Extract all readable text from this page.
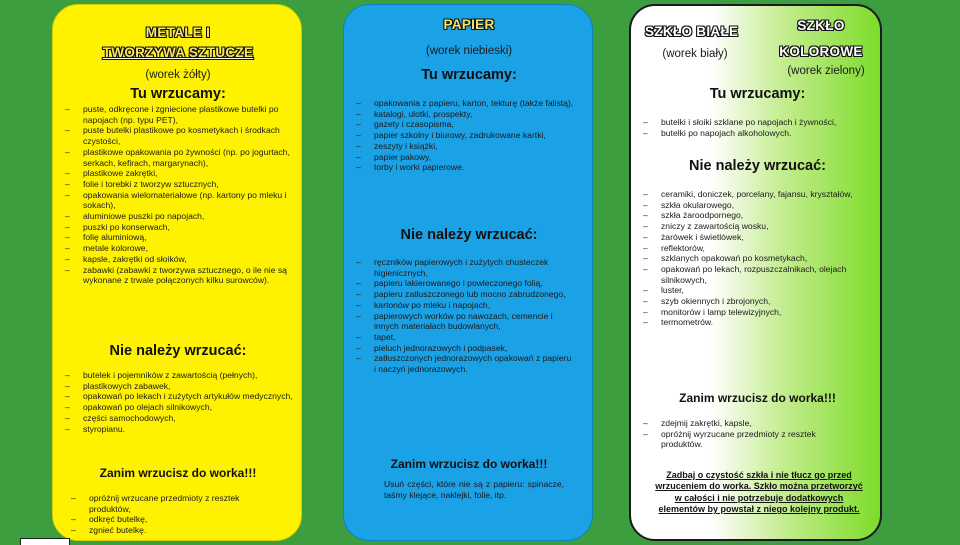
METALE I
TWORZYWA SZTUCZE
(worek żółty)
Tu wrzucamy:
– puste, odkręcone i zgniecione plastikowe butelki po napojach (np. typu PET),
– puste butelki plastikowe po kosmetykach i środkach czystości,
– plastikowe opakowania po żywności (np. po jogurtach, serkach, kefirach, margarynach),
– plastikowe zakrętki,
– folie i torebki z tworzyw sztucznych,
– opakowania wielomateriałowe (np. kartony po mleku i sokach),
– aluminiowe puszki po napojach,
– puszki po konserwach,
– folię aluminiową,
– metale kolorowe,
– kapsle, zakrętki od słoików,
– zabawki (zabawki z tworzywa sztucznego, o ile nie są wykonane z trwale połączonych kilku surowców).
Nie należy wrzucać:
– butelek i pojemników z zawartością (pełnych),
– plastikowych zabawek,
– opakowań po lekach i zużytych artykułów medycznych,
– opakowań po olejach silnikowych,
– części samochodowych,
– styropianu.
Zanim wrzucisz do worka!!!
– opróżnij wrzucane przedmioty z resztek produktów,
– odkręć butelkę,
– zgnieć butelkę.
PAPIER
(worek niebieski)
Tu wrzucamy:
– opakowania z papieru, karton, tekturę (także falistą),
– katalogi, ulotki, prospekty,
– gazety i czasopisma,
– papier szkolny i biurowy, zadrukowane kartki,
– zeszyty i książki,
– papier pakowy,
– torby i worki papierowe.
Nie należy wrzucać:
– ręczników papierowych i zużytych chusteczek higienicznych,
– papieru lakierowanego i powleczonego folią,
– papieru zatłuszczonego lub mocno zabrudzonego,
– kartonów po mleku i napojach,
– papierowych worków po nawozach, cemencie i innych materiałach budowlanych,
– tapet,
– pieluch jednorazowych i podpasek,
– zatłuszczonych jednorazowych opakowań z papieru i naczyń jednorazowych.
Zanim wrzucisz do worka!!!
Usuń części, które nie są z papieru: spinacze, taśmy klejące, naklejki, folie, itp.
SZKŁO BIAŁE
(worek biały)
SZKŁO
KOLOROWE
(worek zielony)
Tu wrzucamy:
– butelki i słoiki szklane po napojach i żywności,
– butelki po napojach alkoholowych.
Nie należy wrzucać:
– ceramiki, doniczek, porcelany, fajansu, kryształów,
– szkła okularowego,
– szkła żaroodpornego,
– zniczy z zawartością wosku,
– żarówek i świetlówek,
– reflektorów,
– szklanych opakowań po kosmetykach,
– opakowań po lekach, rozpuszczalnikach, olejach silnikowych,
– luster,
– szyb okiennych i zbrojonych,
– monitorów i lamp telewizyjnych,
– termometrów.
Zanim wrzucisz do worka!!!
– zdejmij zakrętki, kapsle,
– opróżnij wyrzucane przedmioty z resztek produktów.
Zadbaj o czystość szkła i nie tłucz go przed wrzuceniem do worka. Szkło można przetworzyć w całości i nie potrzebuje dodatkowych elementów by powstał z niego kolejny produkt.
